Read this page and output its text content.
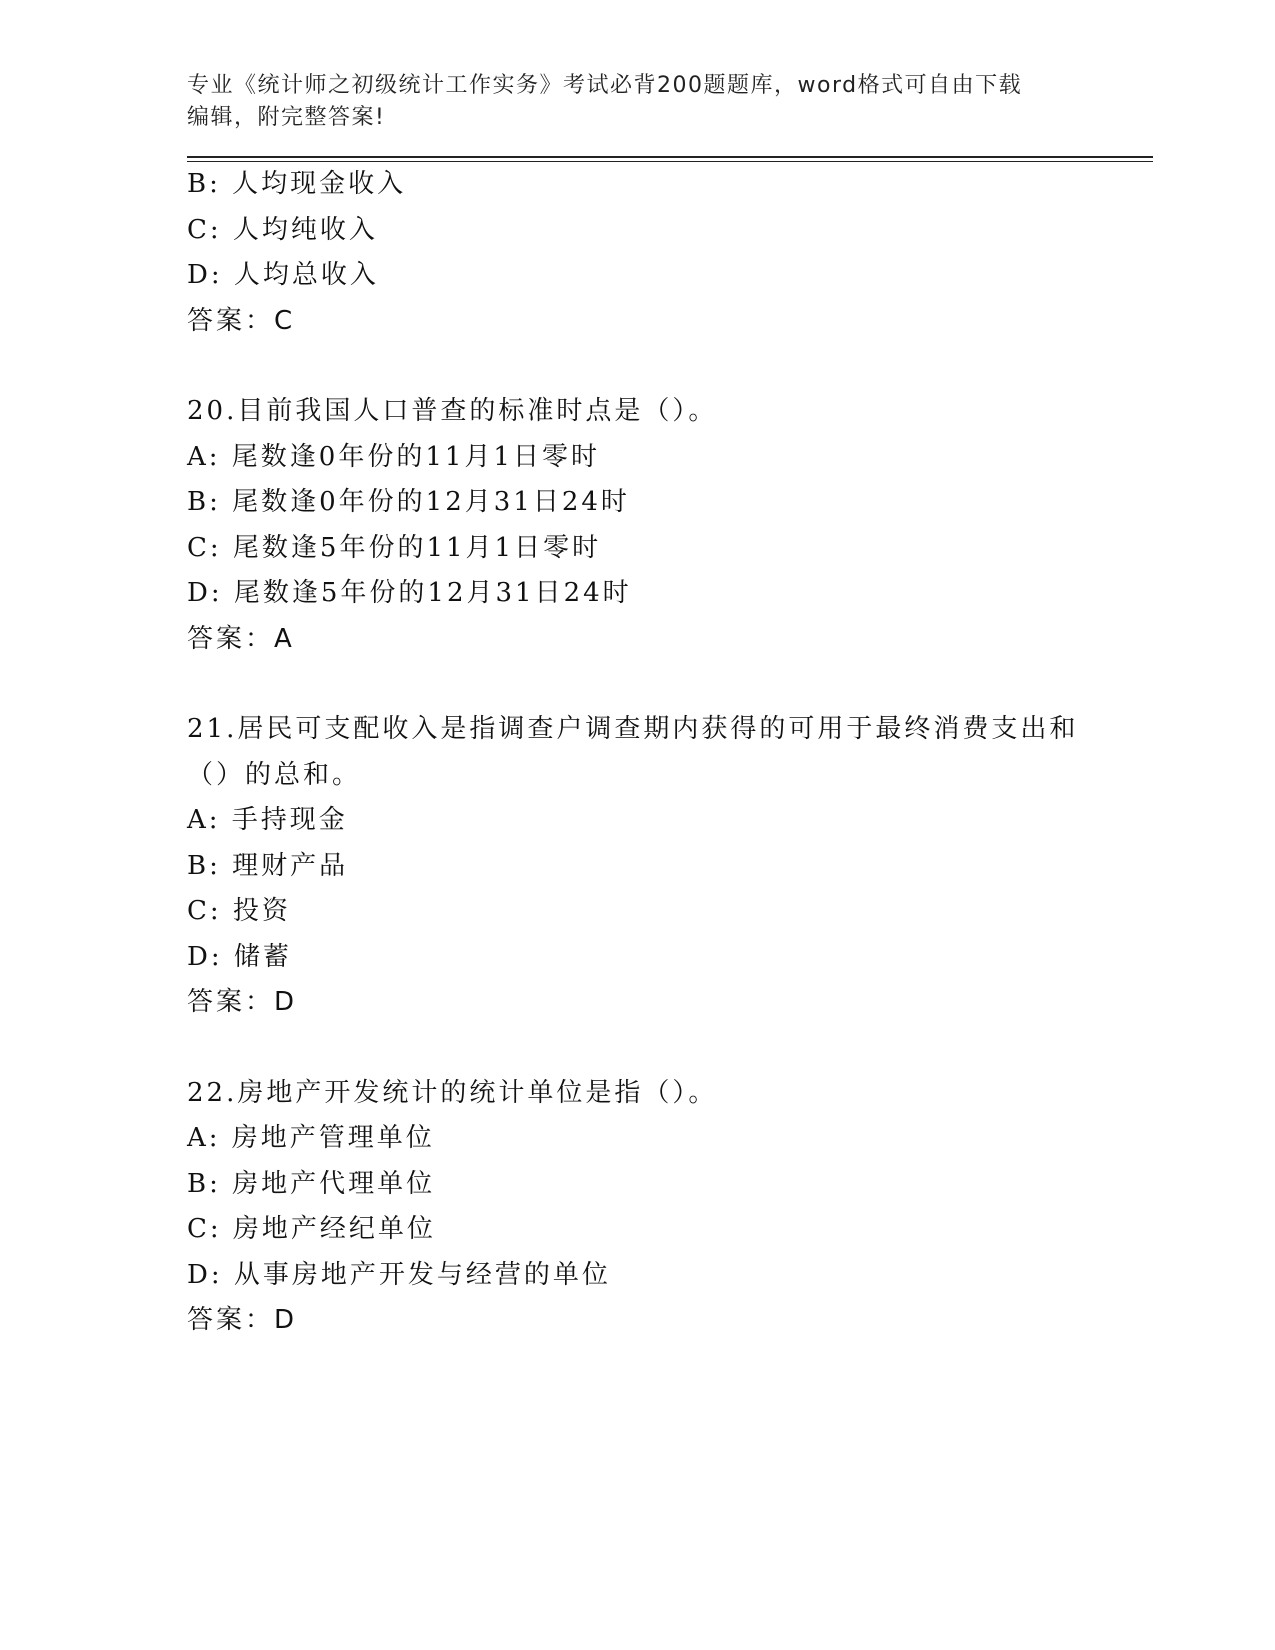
专业《统计师之初级统计工作实务》考试必背200题题库，word格式可自由下载
编辑，附完整答案!
B: 人均现金收入
C: 人均纯收入
D: 人均总收入
答案：C
20.目前我国人口普查的标准时点是（）。
A: 尾数逢0年份的11月1日零时
B: 尾数逢0年份的12月31日24时
C: 尾数逢5年份的11月1日零时
D: 尾数逢5年份的12月31日24时
答案：A
21.居民可支配收入是指调查户调查期内获得的可用于最终消费支出和
（）的总和。
A: 手持现金
B: 理财产品
C: 投资
D: 储蓄
答案：D
22.房地产开发统计的统计单位是指（）。
A: 房地产管理单位
B: 房地产代理单位
C: 房地产经纪单位
D: 从事房地产开发与经营的单位
答案：D
